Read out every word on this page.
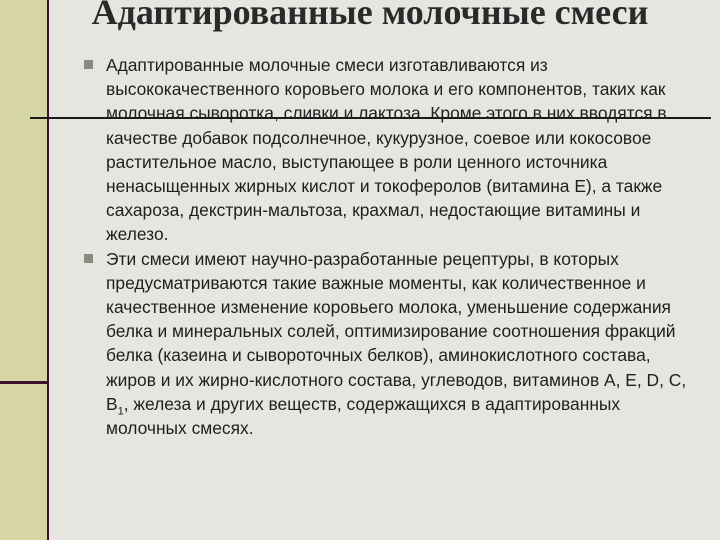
Адаптированные молочные смеси
Адаптированные молочные смеси изготавливаются из высококачественного коровьего молока и его компонентов, таких как молочная сыворотка, сливки и лактоза. Кроме этого в них вводятся в качестве добавок подсолнечное, кукурузное, соевое или кокосовое растительное масло, выступающее в роли ценного источника ненасыщенных жирных кислот и токоферолов (витамина Е), а также сахароза, декстрин-мальтоза, крахмал, недостающие витамины и железо.
Эти смеси имеют научно-разработанные рецептуры, в которых предусматриваются такие важные моменты, как количественное и качественное изменение коровьего молока, уменьшение содержания белка и минеральных солей, оптимизирование соотношения фракций белка (казеина и сывороточных белков), аминокислотного состава, жиров и их жирно-кислотного состава, углеводов, витаминов А, Е, D, С, $В_1$, железа и других веществ, содержащихся в адаптированных молочных смесях.
